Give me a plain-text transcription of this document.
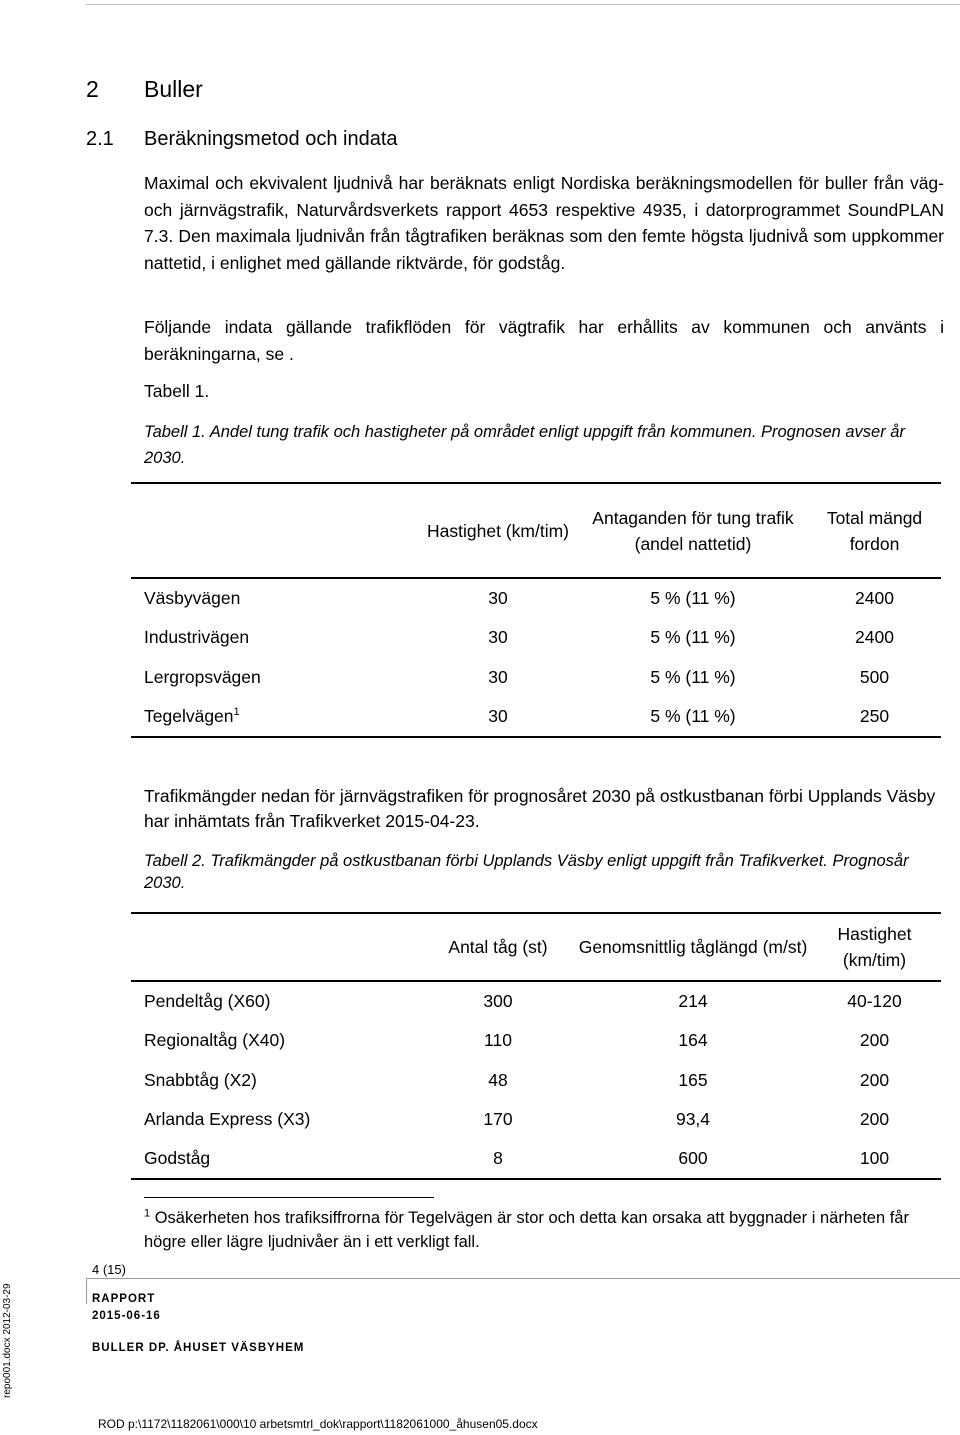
2 Buller
2.1 Beräkningsmetod och indata
Maximal och ekvivalent ljudnivå har beräknats enligt Nordiska beräkningsmodellen för buller från väg- och järnvägstrafik, Naturvårdsverkets rapport 4653 respektive 4935, i datorprogrammet SoundPLAN 7.3. Den maximala ljudnivån från tågtrafiken beräknas som den femte högsta ljudnivå som uppkommer nattetid, i enlighet med gällande riktvärde, för godståg.
Följande indata gällande trafikflöden för vägtrafik har erhållits av kommunen och använts i beräkningarna, se .
Tabell 1.
Tabell 1. Andel tung trafik och hastigheter på området enligt uppgift från kommunen. Prognosen avser år 2030.
	Hastighet (km/tim)	Antaganden för tung trafik (andel nattetid)	Total mängd fordon
Väsbyvägen	30	5 % (11 %)	2400
Industrivägen	30	5 % (11 %)	2400
Lergropsvägen	30	5 % (11 %)	500
Tegelvägen$^1$	30	5 % (11 %)	250
Trafikmängder nedan för järnvägstrafiken för prognosåret 2030 på ostkustbanan förbi Upplands Väsby har inhämtats från Trafikverket 2015-04-23.
Tabell 2. Trafikmängder på ostkustbanan förbi Upplands Väsby enligt uppgift från Trafikverket. Prognosår 2030.
	Antal tåg (st)	Genomsnittlig tåglängd (m/st)	Hastighet (km/tim)
Pendeltåg (X60)	300	214	40-120
Regionaltåg (X40)	110	164	200
Snabbtåg (X2)	48	165	200
Arlanda Express (X3)	170	93,4	200
Godståg	8	600	100
$^1$ Osäkerheten hos trafiksiffrorna för Tegelvägen är stor och detta kan orsaka att byggnader i närheten får högre eller lägre ljudnivåer än i ett verkligt fall.
4 (15)
RAPPORT
2015-06-16
BULLER DP. ÅHUSET VÄSBYHEM
ROD p:\1172\1182061\000\10 arbetsmtrl_dok\rapport\1182061000_åhusen05.docx
repo001.docx 2012-03-29
